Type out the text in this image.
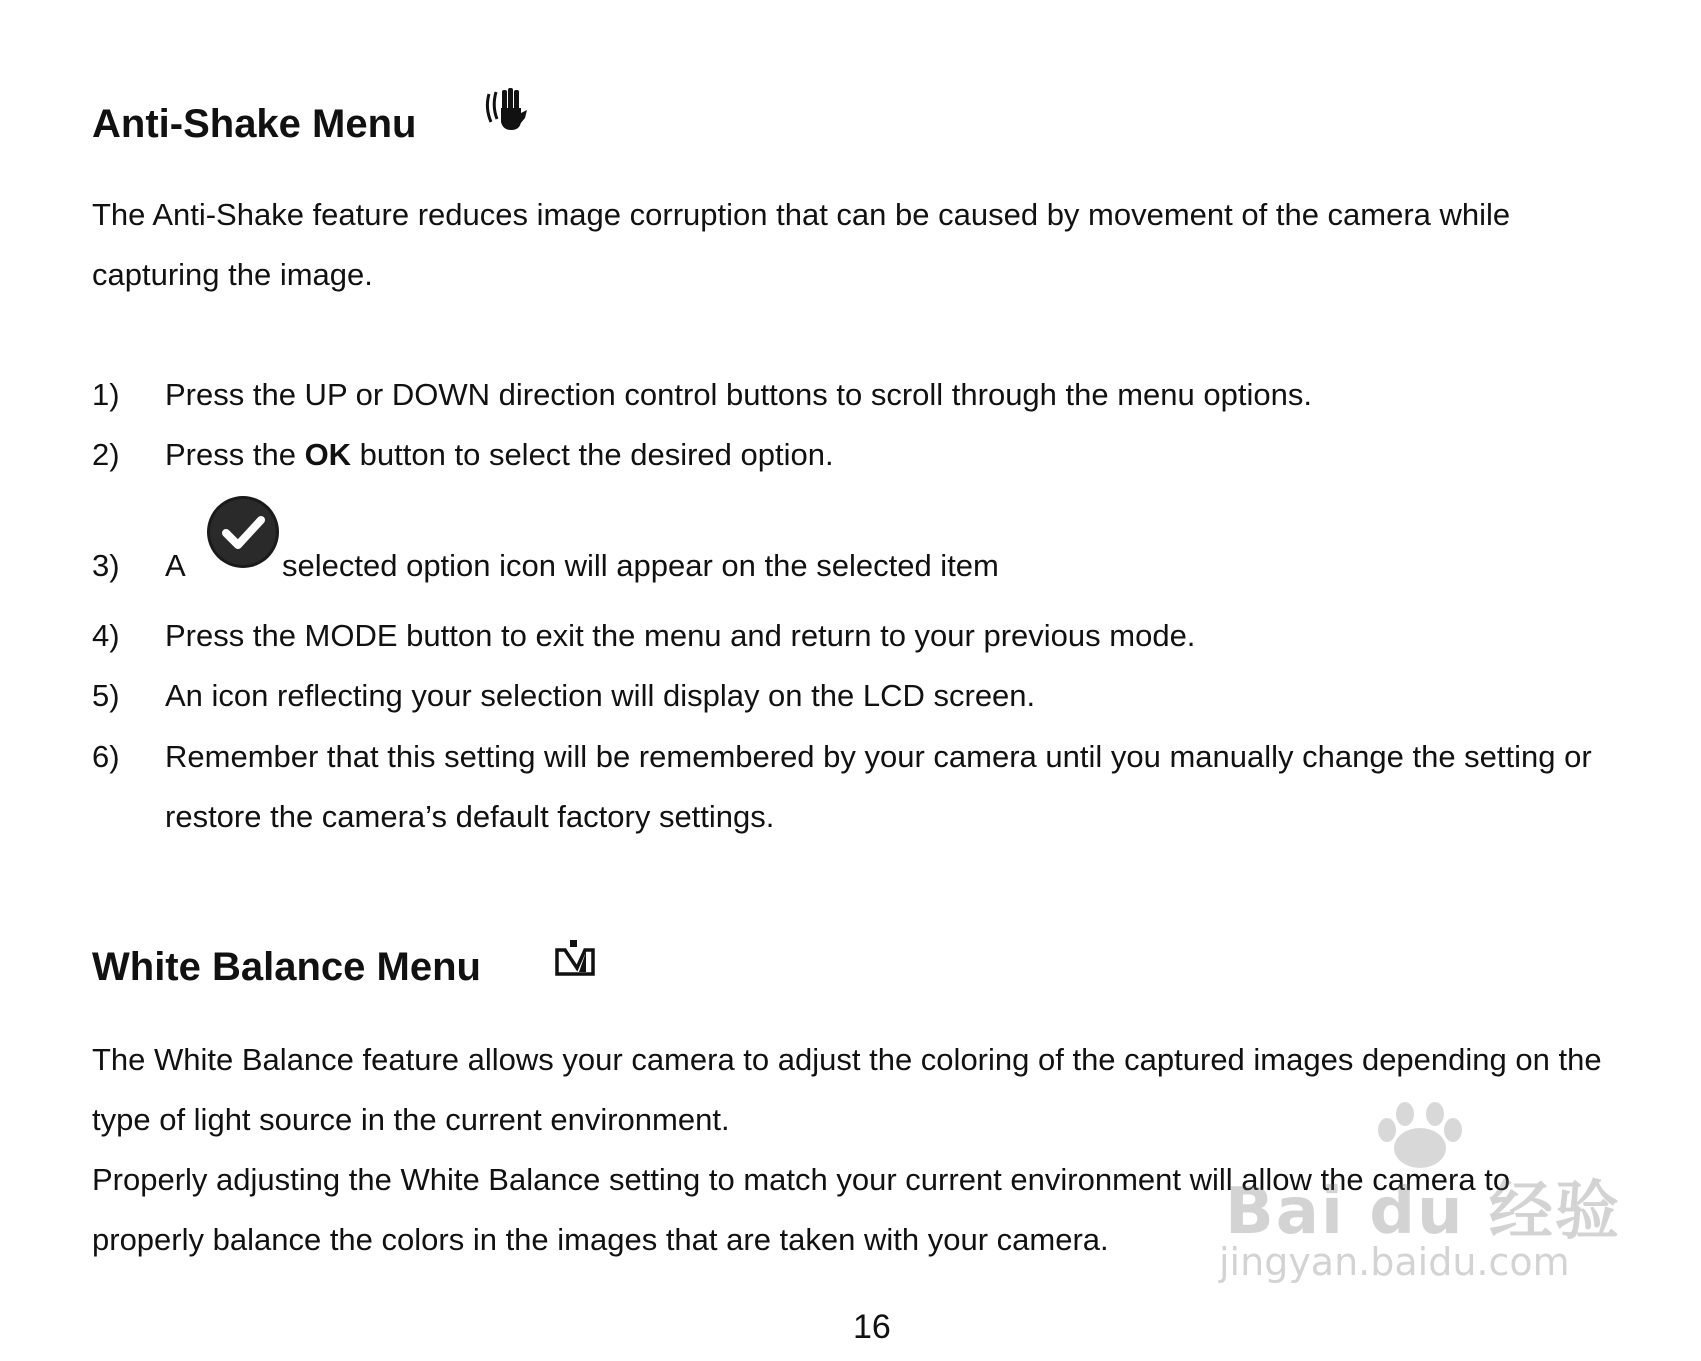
Anti-Shake Menu

The Anti-Shake feature reduces image corruption that can be caused by movement of the camera while

capturing the image.

1) Press the UP or DOWN direction control buttons to scroll through the menu options.
2) Press the OK button to select the desired option.
3) A	selected option icon will appear on the selected item
4) Press the MODE button to exit the menu and return to your previous mode.
5) An icon reflecting your selection will display on the LCD screen.
6) Remember that this setting will be remembered by your camera until you manually change the setting or
restore the camera’s default factory settings.
White Balance Menu

The White Balance feature allows your camera to adjust the coloring of the captured images depending on the

type of light source in the current environment.

Properly adjusting the White Balance setting to match your current environment will allow the camera to

properly balance the colors in the images that are taken with your camera.

16
Bai du 经验
jingyan.baidu.com
